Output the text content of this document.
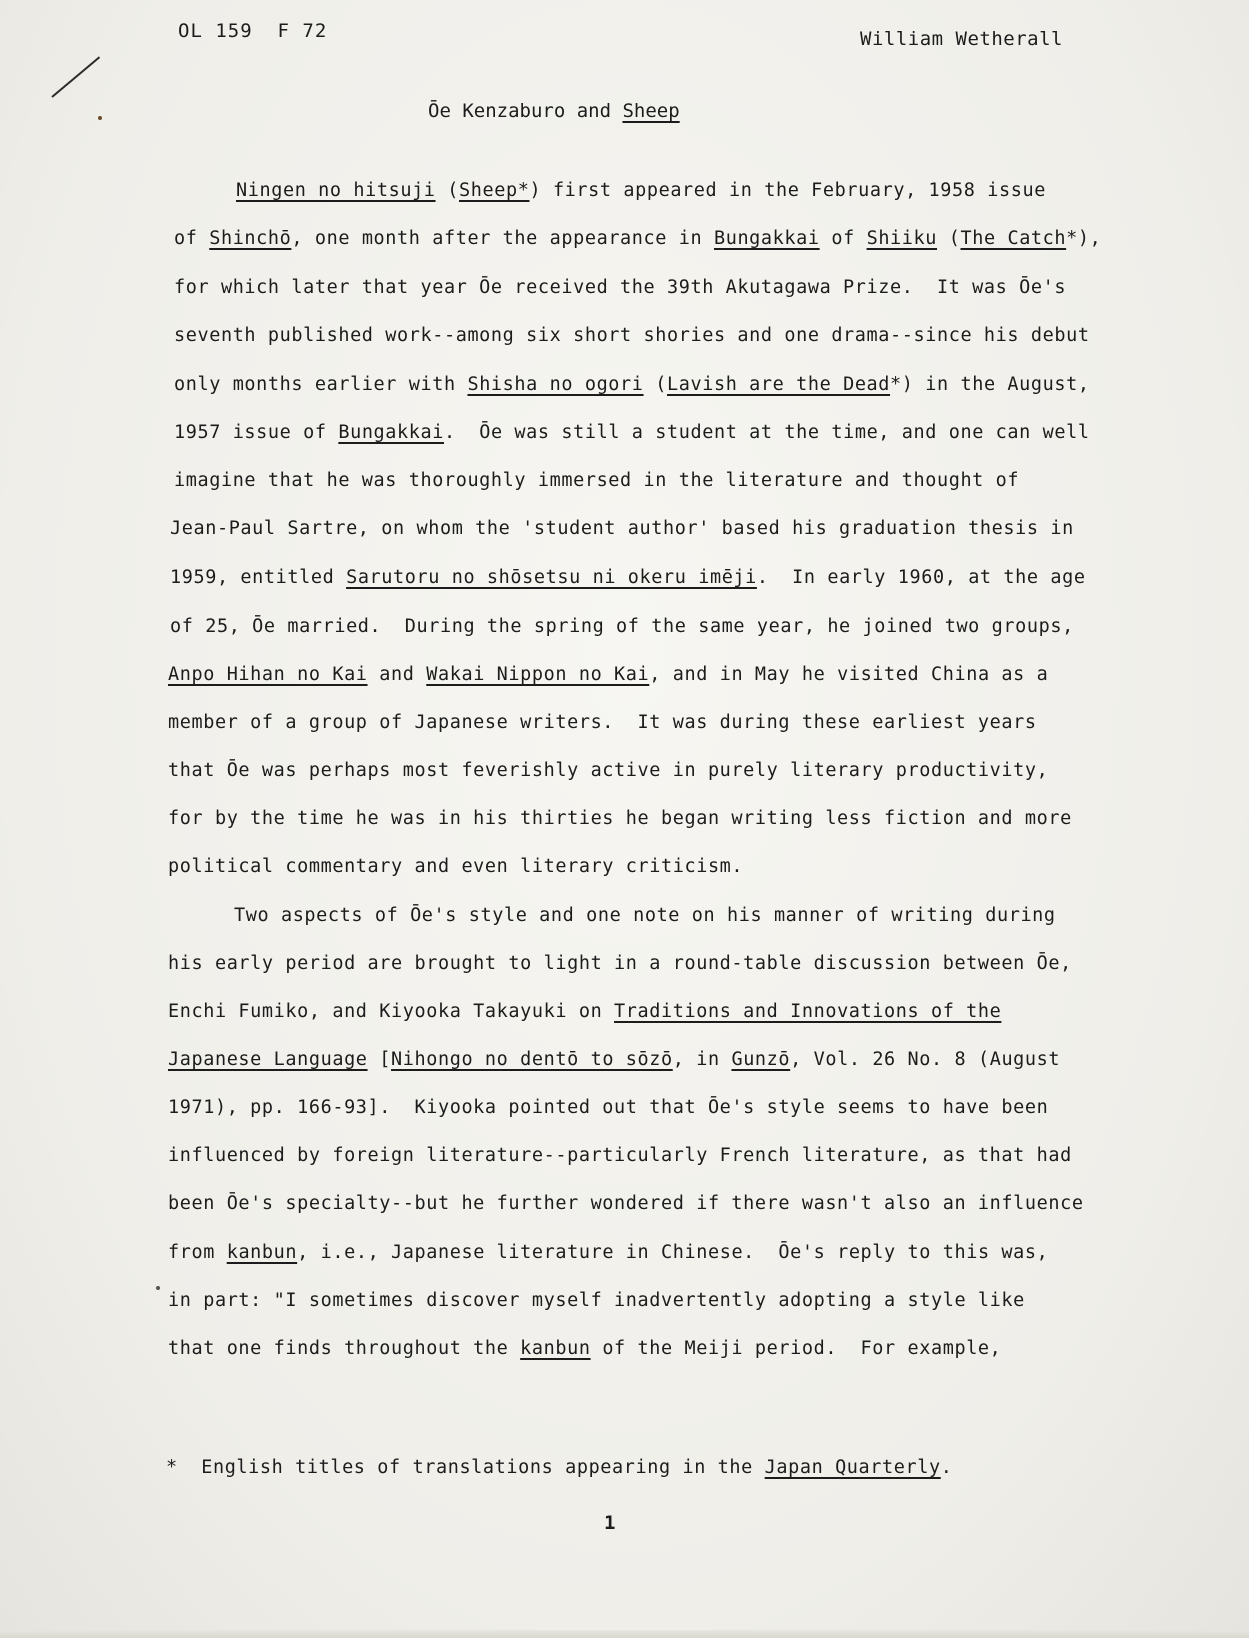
OL 159  F 72	William Wetherall
Ōe Kenzaburo and Sheep
Ningen no hitsuji (Sheep*) first appeared in the February, 1958 issue
of Shinchō, one month after the appearance in Bungakkai of Shiiku (The Catch*),
for which later that year Ōe received the 39th Akutagawa Prize.  It was Ōe's
seventh published work--among six short shories and one drama--since his debut
only months earlier with Shisha no ogori (Lavish are the Dead*) in the August,
1957 issue of Bungakkai.  Ōe was still a student at the time, and one can well
imagine that he was thoroughly immersed in the literature and thought of
Jean-Paul Sartre, on whom the 'student author' based his graduation thesis in
1959, entitled Sarutoru no shōsetsu ni okeru imēji.  In early 1960, at the age
of 25, Ōe married.  During the spring of the same year, he joined two groups,
Anpo Hihan no Kai and Wakai Nippon no Kai, and in May he visited China as a
member of a group of Japanese writers.  It was during these earliest years
that Ōe was perhaps most feverishly active in purely literary productivity,
for by the time he was in his thirties he began writing less fiction and more
political commentary and even literary criticism.
Two aspects of Ōe's style and one note on his manner of writing during
his early period are brought to light in a round-table discussion between Ōe,
Enchi Fumiko, and Kiyooka Takayuki on Traditions and Innovations of the
Japanese Language [Nihongo no dentō to sōzō, in Gunzō, Vol. 26 No. 8 (August
1971), pp. 166-93].  Kiyooka pointed out that Ōe's style seems to have been
influenced by foreign literature--particularly French literature, as that had
been Ōe's specialty--but he further wondered if there wasn't also an influence
from kanbun, i.e., Japanese literature in Chinese.  Ōe's reply to this was,
in part: "I sometimes discover myself inadvertently adopting a style like
that one finds throughout the kanbun of the Meiji period.  For example,
*  English titles of translations appearing in the Japan Quarterly.
1
